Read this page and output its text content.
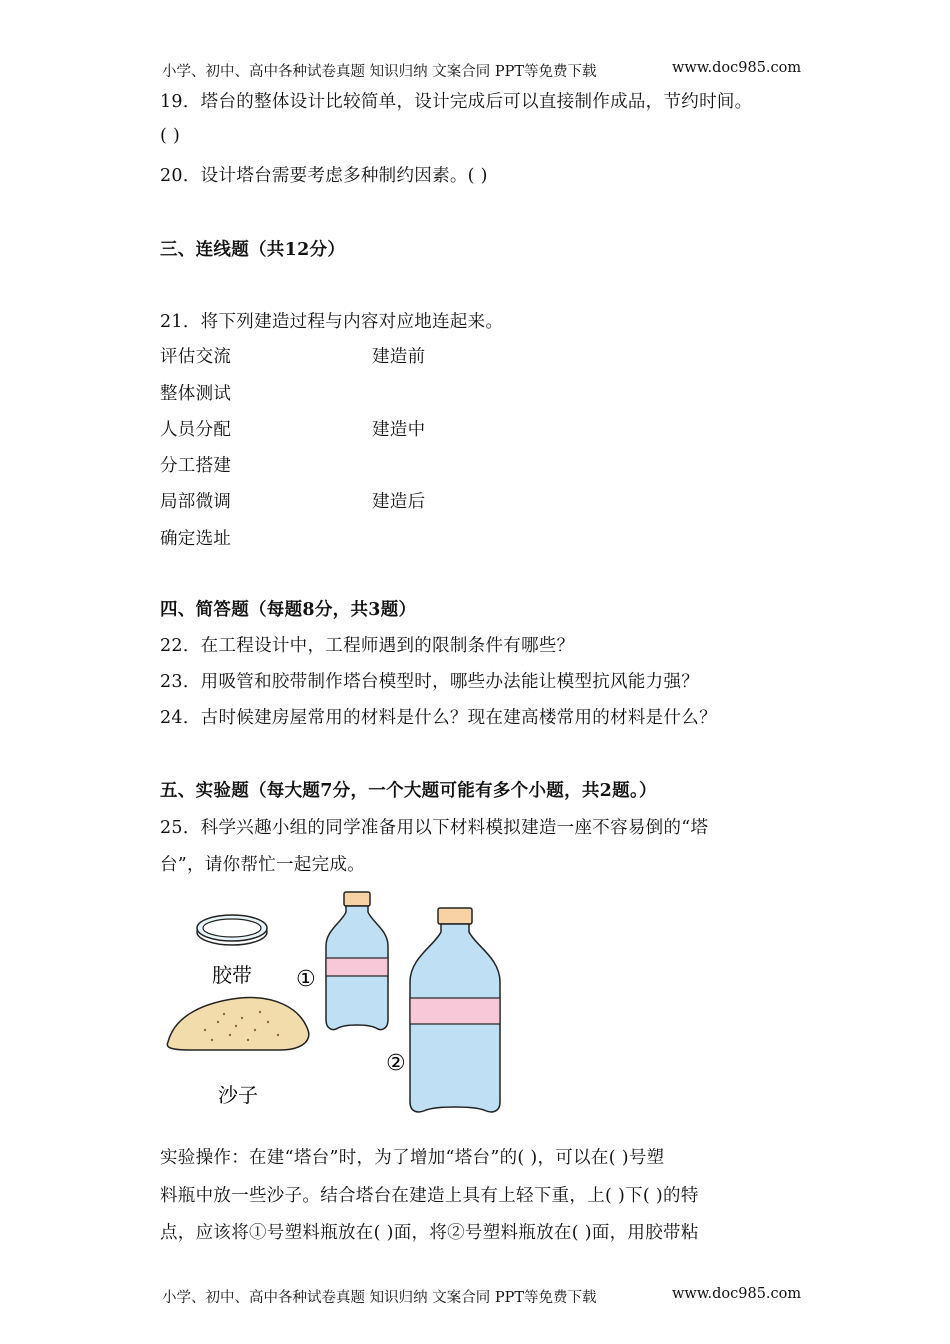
小学、初中、高中各种试卷真题 知识归纳 文案合同 PPT等免费下载	www.doc985.com
19．塔台的整体设计比较简单，设计完成后可以直接制作成品，节约时间。
( )
20．设计塔台需要考虑多种制约因素。( )
三、连线题（共12分）
21．将下列建造过程与内容对应地连起来。
评估交流	建造前
整体测试
人员分配	建造中
分工搭建
局部微调	建造后
确定选址
四、简答题（每题8分，共3题）
22．在工程设计中，工程师遇到的限制条件有哪些？
23．用吸管和胶带制作塔台模型时，哪些办法能让模型抗风能力强？
24．古时候建房屋常用的材料是什么？现在建高楼常用的材料是什么？
五、实验题（每大题7分，一个大题可能有多个小题，共2题。）
25．科学兴趣小组的同学准备用以下材料模拟建造一座不容易倒的“塔
台”，请你帮忙一起完成。
胶带
沙子
①
②
实验操作：在建“塔台”时，为了增加“塔台”的( )，可以在( )号塑
料瓶中放一些沙子。结合塔台在建造上具有上轻下重，上( )下( )的特
点，应该将①号塑料瓶放在( )面，将②号塑料瓶放在( )面，用胶带粘
小学、初中、高中各种试卷真题 知识归纳 文案合同 PPT等免费下载	www.doc985.com
